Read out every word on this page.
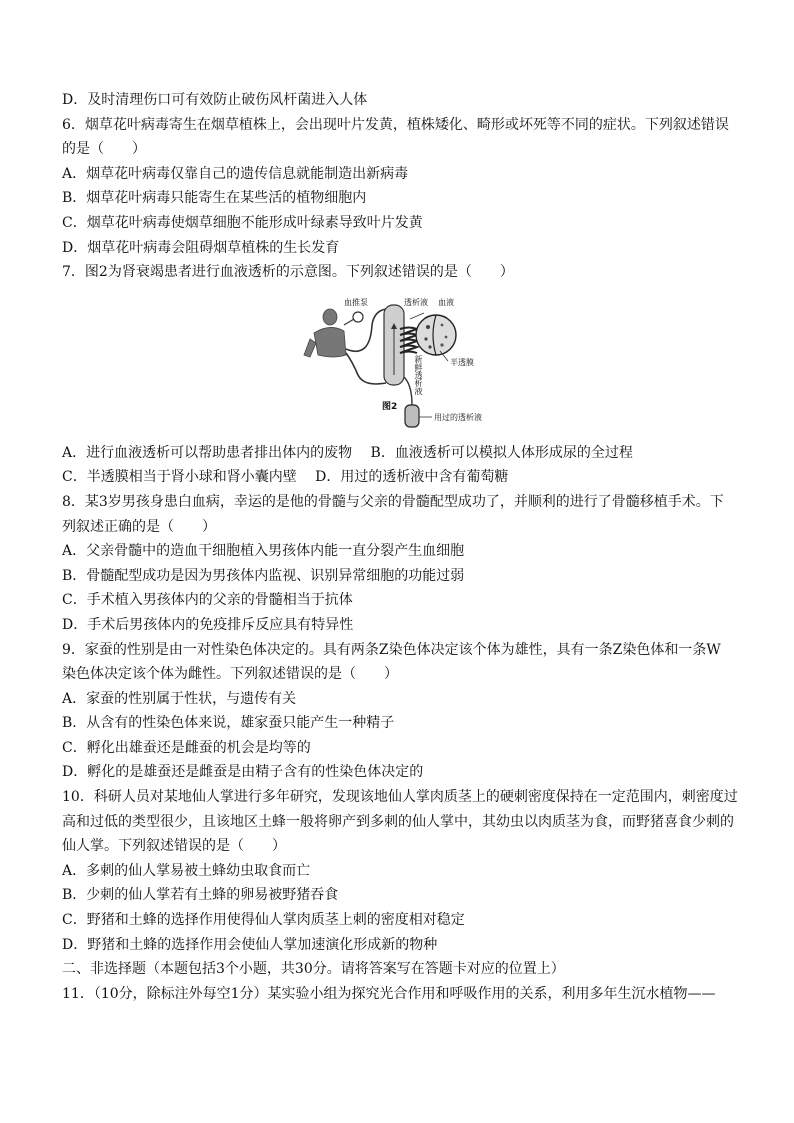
D．及时清理伤口可有效防止破伤风杆菌进入人体
6．烟草花叶病毒寄生在烟草植株上，会出现叶片发黄，植株矮化、畸形或坏死等不同的症状。下列叙述错误
的是（　　）
A．烟草花叶病毒仅靠自己的遗传信息就能制造出新病毒
B．烟草花叶病毒只能寄生在某些活的植物细胞内
C．烟草花叶病毒使烟草细胞不能形成叶绿素导致叶片发黄
D．烟草花叶病毒会阻碍烟草植株的生长发育
7．图2为肾衰竭患者进行血液透析的示意图。下列叙述错误的是（　　）
血推泵	透析液 血液
半透膜
新鲜透析液
用过的透析液
图2
A．进行血液透析可以帮助患者排出体内的废物　 B．血液透析可以模拟人体形成尿的全过程
C．半透膜相当于肾小球和肾小囊内壁　 D．用过的透析液中含有葡萄糖
8．某3岁男孩身患白血病，幸运的是他的骨髓与父亲的骨髓配型成功了，并顺利的进行了骨髓移植手术。下
列叙述正确的是（　　）
A．父亲骨髓中的造血干细胞植入男孩体内能一直分裂产生血细胞
B．骨髓配型成功是因为男孩体内监视、识别异常细胞的功能过弱
C．手术植入男孩体内的父亲的骨髓相当于抗体
D．手术后男孩体内的免疫排斥反应具有特异性
9．家蚕的性别是由一对性染色体决定的。具有两条Z染色体决定该个体为雄性，具有一条Z染色体和一条W
染色体决定该个体为雌性。下列叙述错误的是（　　）
A．家蚕的性别属于性状，与遗传有关
B．从含有的性染色体来说，雄家蚕只能产生一种精子
C．孵化出雄蚕还是雌蚕的机会是均等的
D．孵化的是雄蚕还是雌蚕是由精子含有的性染色体决定的
10．科研人员对某地仙人掌进行多年研究，发现该地仙人掌肉质茎上的硬刺密度保持在一定范围内，刺密度过
高和过低的类型很少，且该地区土蜂一般将卵产到多刺的仙人掌中，其幼虫以肉质茎为食，而野猪喜食少刺的
仙人掌。下列叙述错误的是（　　）
A．多刺的仙人掌易被土蜂幼虫取食而亡
B．少刺的仙人掌若有土蜂的卵易被野猪吞食
C．野猪和土蜂的选择作用使得仙人掌肉质茎上刺的密度相对稳定
D．野猪和土蜂的选择作用会使仙人掌加速演化形成新的物种
二、非选择题（本题包括3个小题，共30分。请将答案写在答题卡对应的位置上）
11．（10分，除标注外每空1分）某实验小组为探究光合作用和呼吸作用的关系，利用多年生沉水植物——
